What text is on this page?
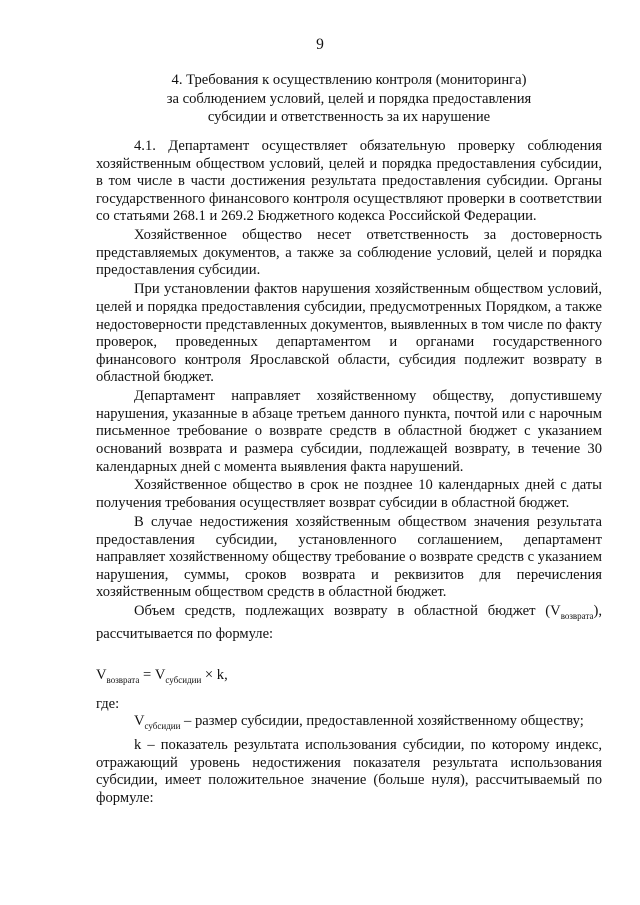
9
4. Требования к осуществлению контроля (мониторинга)
за соблюдением условий, целей и порядка предоставления
субсидии и ответственность за их нарушение

4.1. Департамент осуществляет обязательную проверку соблюдения хозяйственным обществом условий, целей и порядка предоставления субсидии, в том числе в части достижения результата предоставления субсидии. Органы государственного финансового контроля осуществляют проверки в соответствии со статьями 268.1 и 269.2 Бюджетного кодекса Российской Федерации.

Хозяйственное общество несет ответственность за достоверность представляемых документов, а также за соблюдение условий, целей и порядка предоставления субсидии.

При установлении фактов нарушения хозяйственным обществом условий, целей и порядка предоставления субсидии, предусмотренных Порядком, а также недостоверности представленных документов, выявленных в том числе по факту проверок, проведенных департаментом и органами государственного финансового контроля Ярославской области, субсидия подлежит возврату в областной бюджет.

Департамент направляет хозяйственному обществу, допустившему нарушения, указанные в абзаце третьем данного пункта, почтой или с нарочным письменное требование о возврате средств в областной бюджет с указанием оснований возврата и размера субсидии, подлежащей возврату, в течение 30 календарных дней с момента выявления факта нарушений.

Хозяйственное общество в срок не позднее 10 календарных дней с даты получения требования осуществляет возврат субсидии в областной бюджет.

В случае недостижения хозяйственным обществом значения результата предоставления субсидии, установленного соглашением, департамент направляет хозяйственному обществу требование о возврате средств с указанием нарушения, суммы, сроков возврата и реквизитов для перечисления хозяйственным обществом средств в областной бюджет.

Объем средств, подлежащих возврату в областной бюджет $(V_{возврата})$, рассчитывается по формуле:

$V_{возврата} = V_{субсидии} \times k$,

где:

$V_{субсидии}$ – размер субсидии, предоставленной хозяйственному обществу;

k – показатель результата использования субсидии, по которому индекс, отражающий уровень недостижения показателя результата использования субсидии, имеет положительное значение (больше нуля), рассчитываемый по формуле:
